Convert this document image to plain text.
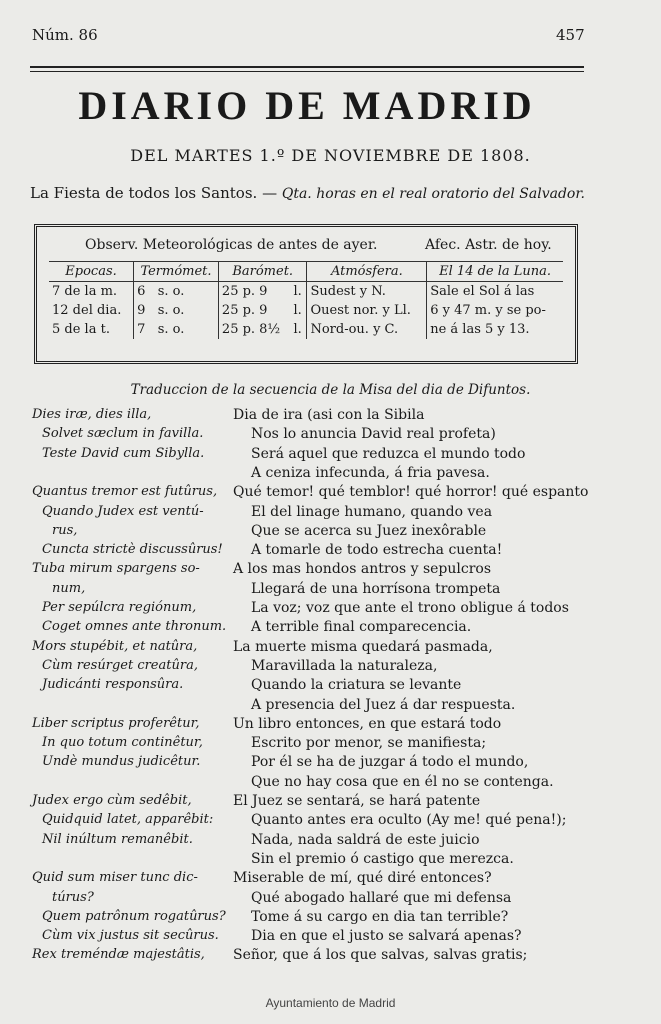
Núm. 86	457
DIARIO DE MADRID
DEL MARTES 1.º DE NOVIEMBRE DE 1808.
La Fiesta de todos los Santos. — Qta. horas en el real oratorio del Salvador.
Observ. Meteorológicas de antes de ayer.	Afec. Astr. de hoy.
Epocas.	Termómet.	Barómet.		Atmósfera.	El 14 de la Luna.
7 de la m.	6 s. o.	25 p. 9	l.	Sudest y N.	Sale el Sol á las
12 del dia.	9 s. o.	25 p. 9	l.	Ouest nor. y Ll.	6 y 47 m. y se po-
5 de la t.	7 s. o.	25 p. 8½	l.	Nord-ou. y C.	ne á las 5 y 13.
Traduccion de la secuencia de la Misa del dia de Difuntos.
Dies iræ, dies illa,
Solvet sæclum in favilla.
Teste David cum Sibylla.
Quantus tremor est futûrus,
Quando Judex est ventú-
rus,
Cuncta strictè discussûrus!
Tuba mirum spargens so-
num,
Per sepúlcra regiónum,
Coget omnes ante thronum.
Mors stupébit, et natûra,
Cùm resúrget creatûra,
Judicánti responsûra.
Liber scriptus proferêtur,
In quo totum continêtur,
Undè mundus judicêtur.
Judex ergo cùm sedêbit,
Quidquid latet, apparêbit:
Nil inúltum remanêbit.
Quid sum miser tunc dic-
túrus?
Quem patrônum rogatûrus?
Cùm vix justus sit secûrus.
Rex treméndæ majestâtis,
Dia de ira (asi con la Sibila
Nos lo anuncia David real profeta)
Será aquel que reduzca el mundo todo
A ceniza infecunda, á fria pavesa.
Qué temor! qué temblor! qué horror! qué espanto
El del linage humano, quando vea
Que se acerca su Juez inexôrable
A tomarle de todo estrecha cuenta!
A los mas hondos antros y sepulcros
Llegará de una horrísona trompeta
La voz; voz que ante el trono obligue á todos
A terrible final comparecencia.
La muerte misma quedará pasmada,
Maravillada la naturaleza,
Quando la criatura se levante
A presencia del Juez á dar respuesta.
Un libro entonces, en que estará todo
Escrito por menor, se manifiesta;
Por él se ha de juzgar á todo el mundo,
Que no hay cosa que en él no se contenga.
El Juez se sentará, se hará patente
Quanto antes era oculto (Ay me! qué pena!);
Nada, nada saldrá de este juicio
Sin el premio ó castigo que merezca.
Miserable de mí, qué diré entonces?
Qué abogado hallaré que mi defensa
Tome á su cargo en dia tan terrible?
Dia en que el justo se salvará apenas?
Señor, que á los que salvas, salvas gratis;
Ayuntamiento de Madrid
